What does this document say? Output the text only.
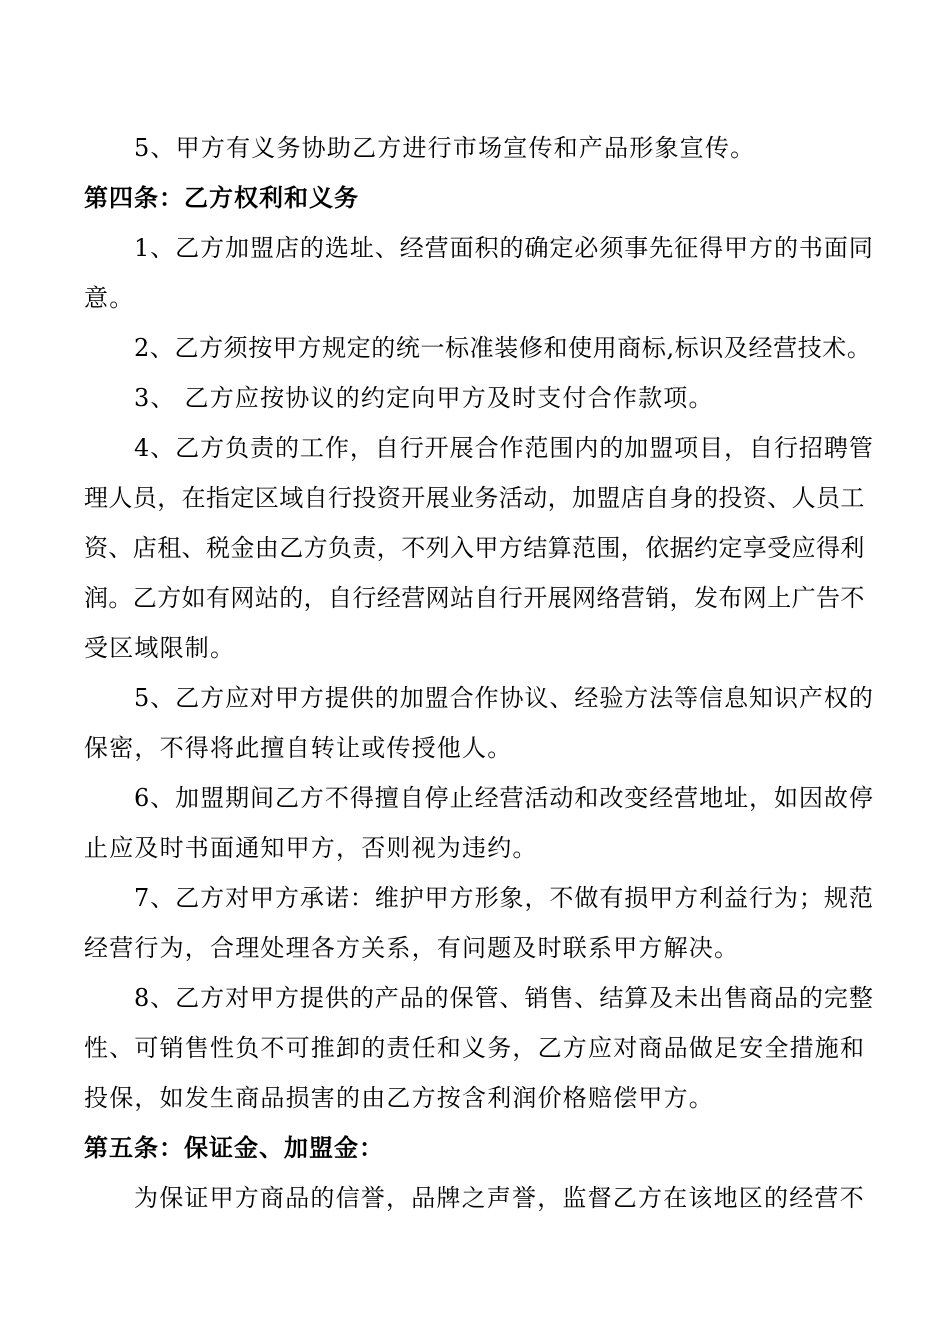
5、甲方有义务协助乙方进行市场宣传和产品形象宣传。
第四条：乙方权利和义务
1、乙方加盟店的选址、经营面积的确定必须事先征得甲方的书面同
意。
2、乙方须按甲方规定的统一标准装修和使用商标,标识及经营技术。
3、 乙方应按协议的约定向甲方及时支付合作款项。
4、乙方负责的工作，自行开展合作范围内的加盟项目，自行招聘管
理人员，在指定区域自行投资开展业务活动，加盟店自身的投资、人员工
资、店租、税金由乙方负责，不列入甲方结算范围，依据约定享受应得利
润。乙方如有网站的，自行经营网站自行开展网络营销，发布网上广告不
受区域限制。
5、乙方应对甲方提供的加盟合作协议、经验方法等信息知识产权的
保密，不得将此擅自转让或传授他人。
6、加盟期间乙方不得擅自停止经营活动和改变经营地址，如因故停
止应及时书面通知甲方，否则视为违约。
7、乙方对甲方承诺：维护甲方形象，不做有损甲方利益行为；规范
经营行为，合理处理各方关系，有问题及时联系甲方解决。
8、乙方对甲方提供的产品的保管、销售、结算及未出售商品的完整
性、可销售性负不可推卸的责任和义务，乙方应对商品做足安全措施和
投保，如发生商品损害的由乙方按含利润价格赔偿甲方。
第五条：保证金、加盟金：
为保证甲方商品的信誉，品牌之声誉，监督乙方在该地区的经营不
